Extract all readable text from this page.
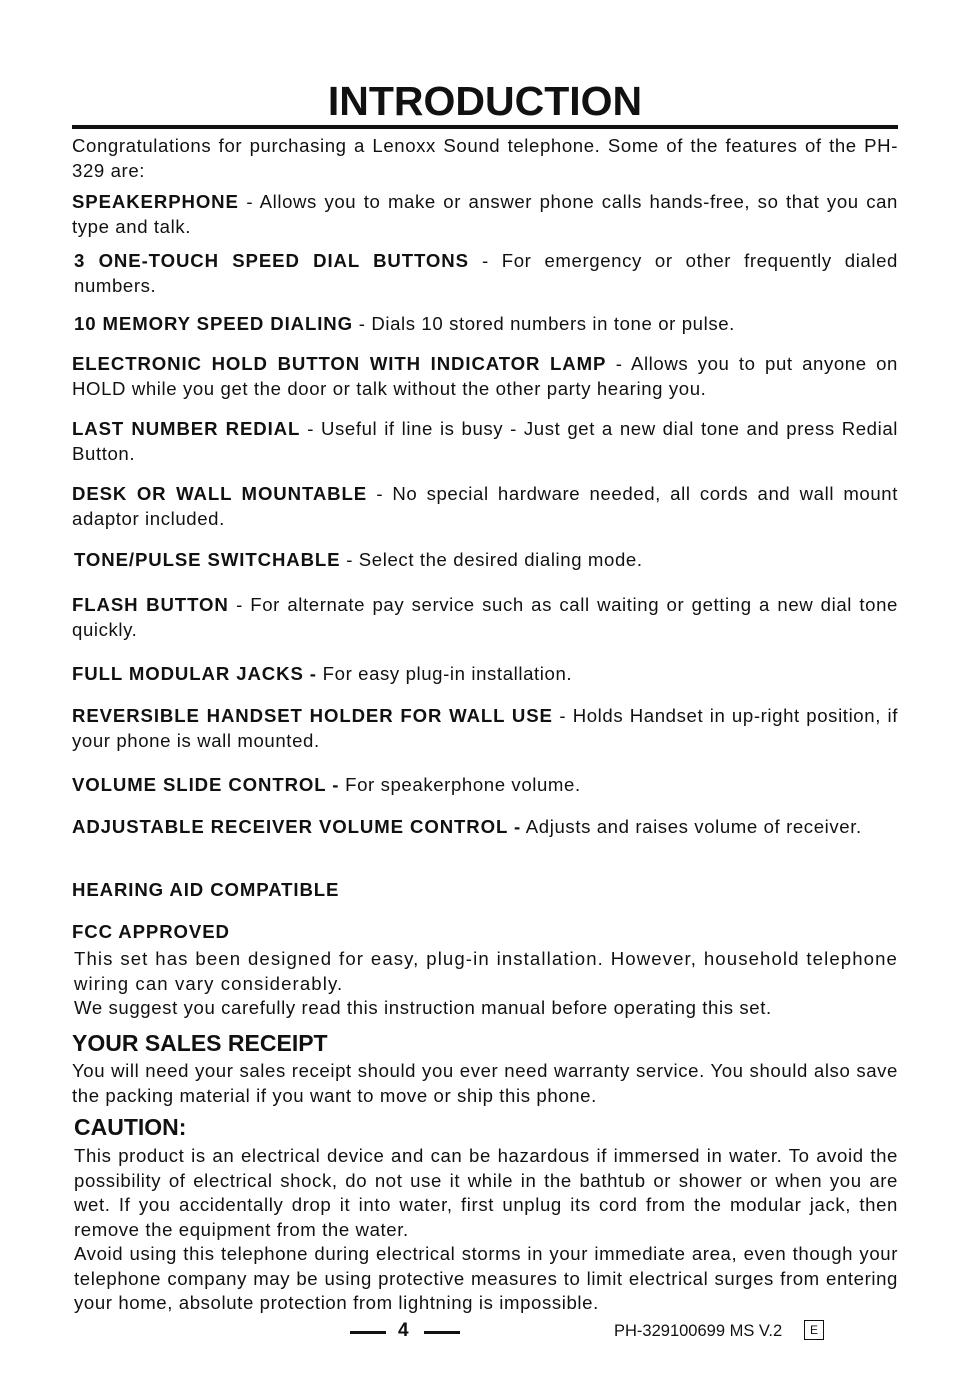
INTRODUCTION

Congratulations for purchasing a Lenoxx Sound telephone. Some of the features of the PH-329 are:

SPEAKERPHONE - Allows you to make or answer phone calls hands-free, so that you can type and talk.

3 ONE-TOUCH SPEED DIAL BUTTONS - For emergency or other frequently dialed numbers.

10 MEMORY SPEED DIALING - Dials 10 stored numbers in tone or pulse.

ELECTRONIC HOLD BUTTON WITH INDICATOR LAMP - Allows you to put anyone on HOLD while you get the door or talk without the other party hearing you.

LAST NUMBER REDIAL - Useful if line is busy - Just get a new dial tone and press Redial Button.

DESK OR WALL MOUNTABLE - No special hardware needed, all cords and wall mount adaptor included.

TONE/PULSE SWITCHABLE - Select the desired dialing mode.

FLASH BUTTON - For alternate pay service such as call waiting or getting a new dial tone quickly.

FULL MODULAR JACKS - For easy plug-in installation.

REVERSIBLE HANDSET HOLDER FOR WALL USE - Holds Handset in up-right position, if your phone is wall mounted.

VOLUME SLIDE CONTROL - For speakerphone volume.

ADJUSTABLE RECEIVER VOLUME CONTROL - Adjusts and raises volume of receiver.

HEARING AID COMPATIBLE

FCC APPROVED

This set has been designed for easy, plug-in installation. However, household telephone wiring can vary considerably.

We suggest you carefully read this instruction manual before operating this set.

YOUR SALES RECEIPT

You will need your sales receipt should you ever need warranty service. You should also save the packing material if you want to move or ship this phone.

CAUTION:

This product is an electrical device and can be hazardous if immersed in water. To avoid the possibility of electrical shock, do not use it while in the bathtub or shower or when you are wet. If you accidentally drop it into water, first unplug its cord from the modular jack, then remove the equipment from the water.

Avoid using this telephone during electrical storms in your immediate area, even though your telephone company may be using protective measures to limit electrical surges from entering your home, absolute protection from lightning is impossible.

4	PH-329100699 MS V.2	E
